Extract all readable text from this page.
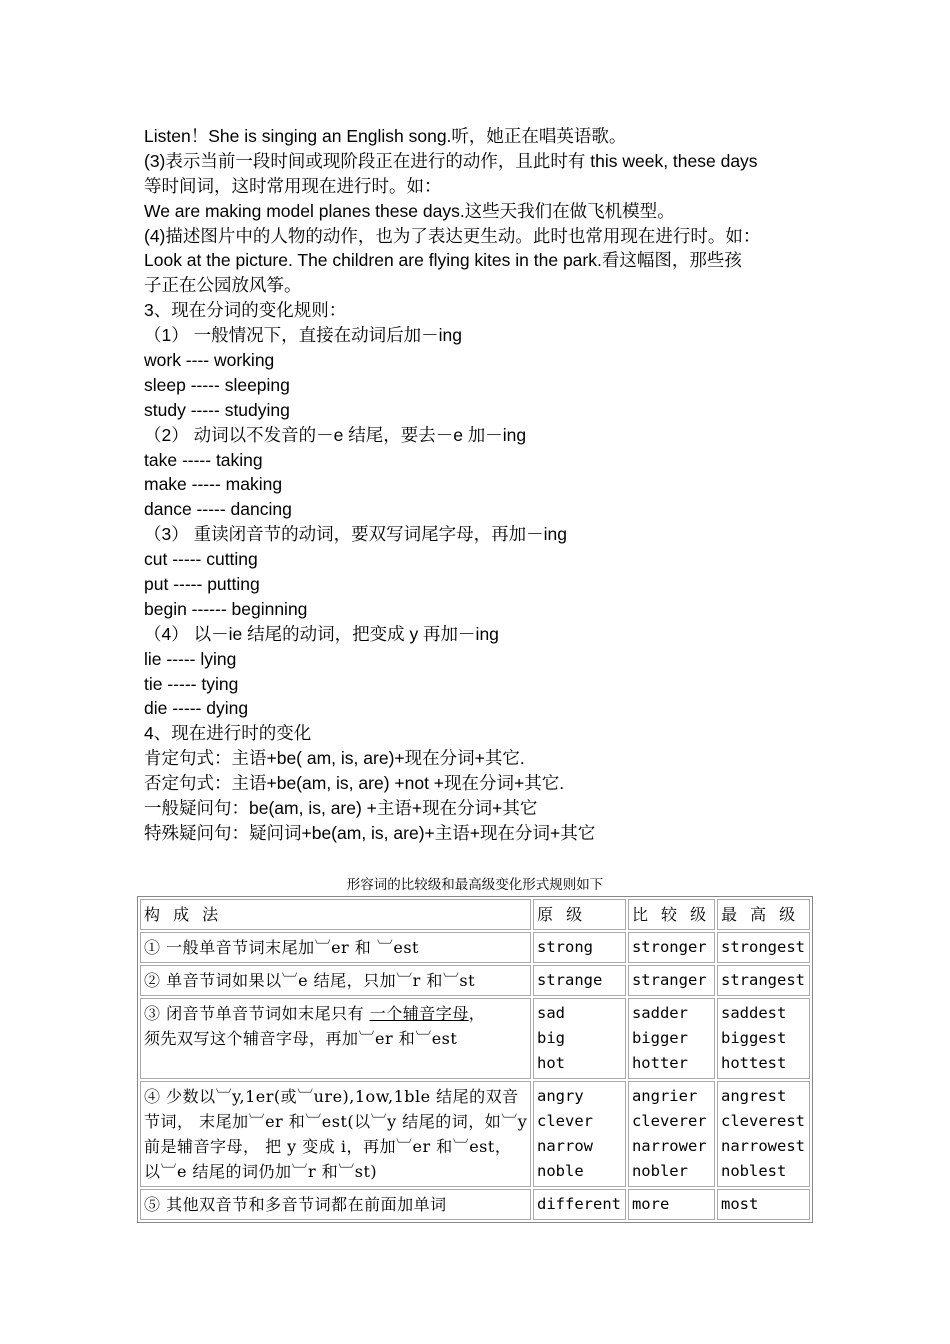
Listen！She is singing an English song.听，她正在唱英语歌。
(3)表示当前一段时间或现阶段正在进行的动作，且此时有 this week, these days
等时间词，这时常用现在进行时。如：
We are making model planes these days.这些天我们在做飞机模型。
(4)描述图片中的人物的动作，也为了表达更生动。此时也常用现在进行时。如：
Look at the picture. The children are flying kites in the park.看这幅图，那些孩
子正在公园放风筝。
3、现在分词的变化规则：
（1） 一般情况下，直接在动词后加－ing
work ---- working
sleep ----- sleeping
study ----- studying
（2） 动词以不发音的－e 结尾，要去－e 加－ing
take ----- taking
make ----- making
dance ----- dancing
（3） 重读闭音节的动词，要双写词尾字母，再加－ing
cut ----- cutting
put ----- putting
begin ------ beginning
（4） 以－ie 结尾的动词，把变成 y 再加－ing
lie ----- lying
tie ----- tying
die ----- dying
4、现在进行时的变化
肯定句式：主语+be( am, is, are)+现在分词+其它.
否定句式：主语+be(am, is, are) +not +现在分词+其它.
一般疑问句：be(am, is, are) +主语+现在分词+其它
特殊疑问句：疑问词+be(am, is, are)+主语+现在分词+其它
形容词的比较级和最高级变化形式规则如下
构 成 法	原 级	比 较 级	最 高 级
① 一般单音节词末尾加︺er 和 ︺est	strong	stronger	strongest
② 单音节词如果以︺e 结尾，只加︺r 和︺st	strange	stranger	strangest
③ 闭音节单音节词如末尾只有 一个辅音字母，
须先双写这个辅音字母，再加︺er 和︺est	sad
big
hot	sadder
bigger
hotter	saddest
biggest
hottest
④ 少数以︺y,1er(或︺ure),1ow,1ble 结尾的双音节词， 末尾加︺er 和︺est(以︺y 结尾的词，如︺y 前是辅音字母， 把 y 变成 i，再加︺er 和︺est，以︺e 结尾的词仍加︺r 和︺st)	angry
clever
narrow
noble	angrier
cleverer
narrower
nobler	angrest
cleverest
narrowest
noblest
⑤ 其他双音节和多音节词都在前面加单词	different	more	most
